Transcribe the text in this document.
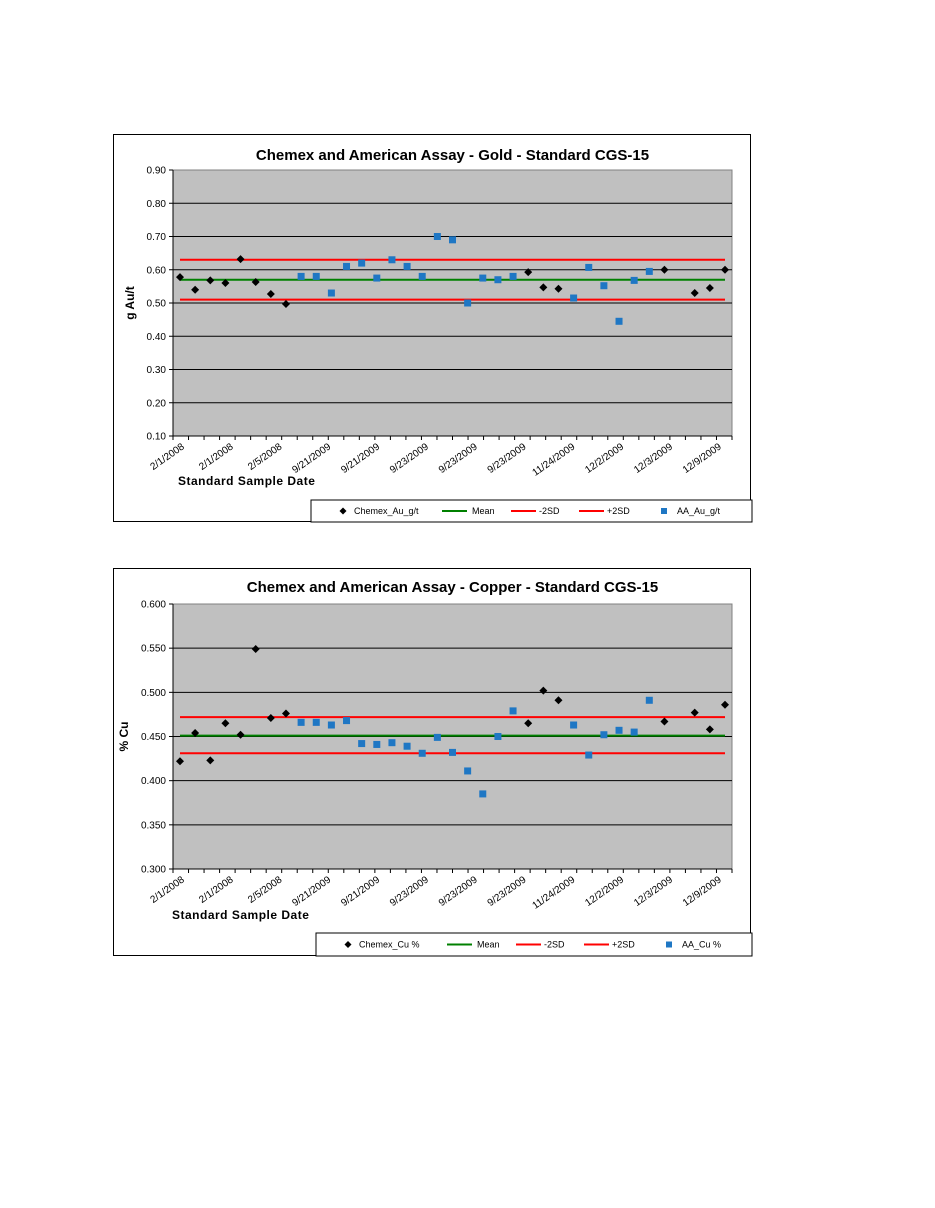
Chemex and American Assay - Gold - Standard CGS-15
0.10
0.20
0.30
0.40
0.50
0.60
0.70
0.80
0.90
2/1/2008 2/1/2008 2/5/2008 9/21/2009 9/21/2009 9/23/2009 9/23/2009 9/23/2009 11/24/2009 12/2/2009 12/3/2009 12/9/2009
g Au/t
Standard Sample Date
Chemex_Au_g/t	Mean	-2SD	+2SD	AA_Au_g/t
Chemex and American Assay - Copper - Standard CGS-15
0.300
0.350
0.400
0.450
0.500
0.550
0.600
2/1/2008 2/1/2008 2/5/2008 9/21/2009 9/21/2009 9/23/2009 9/23/2009 9/23/2009 11/24/2009 12/2/2009 12/3/2009 12/9/2009
% Cu
Standard Sample Date
Chemex_Cu %	Mean	-2SD	+2SD	AA_Cu %
